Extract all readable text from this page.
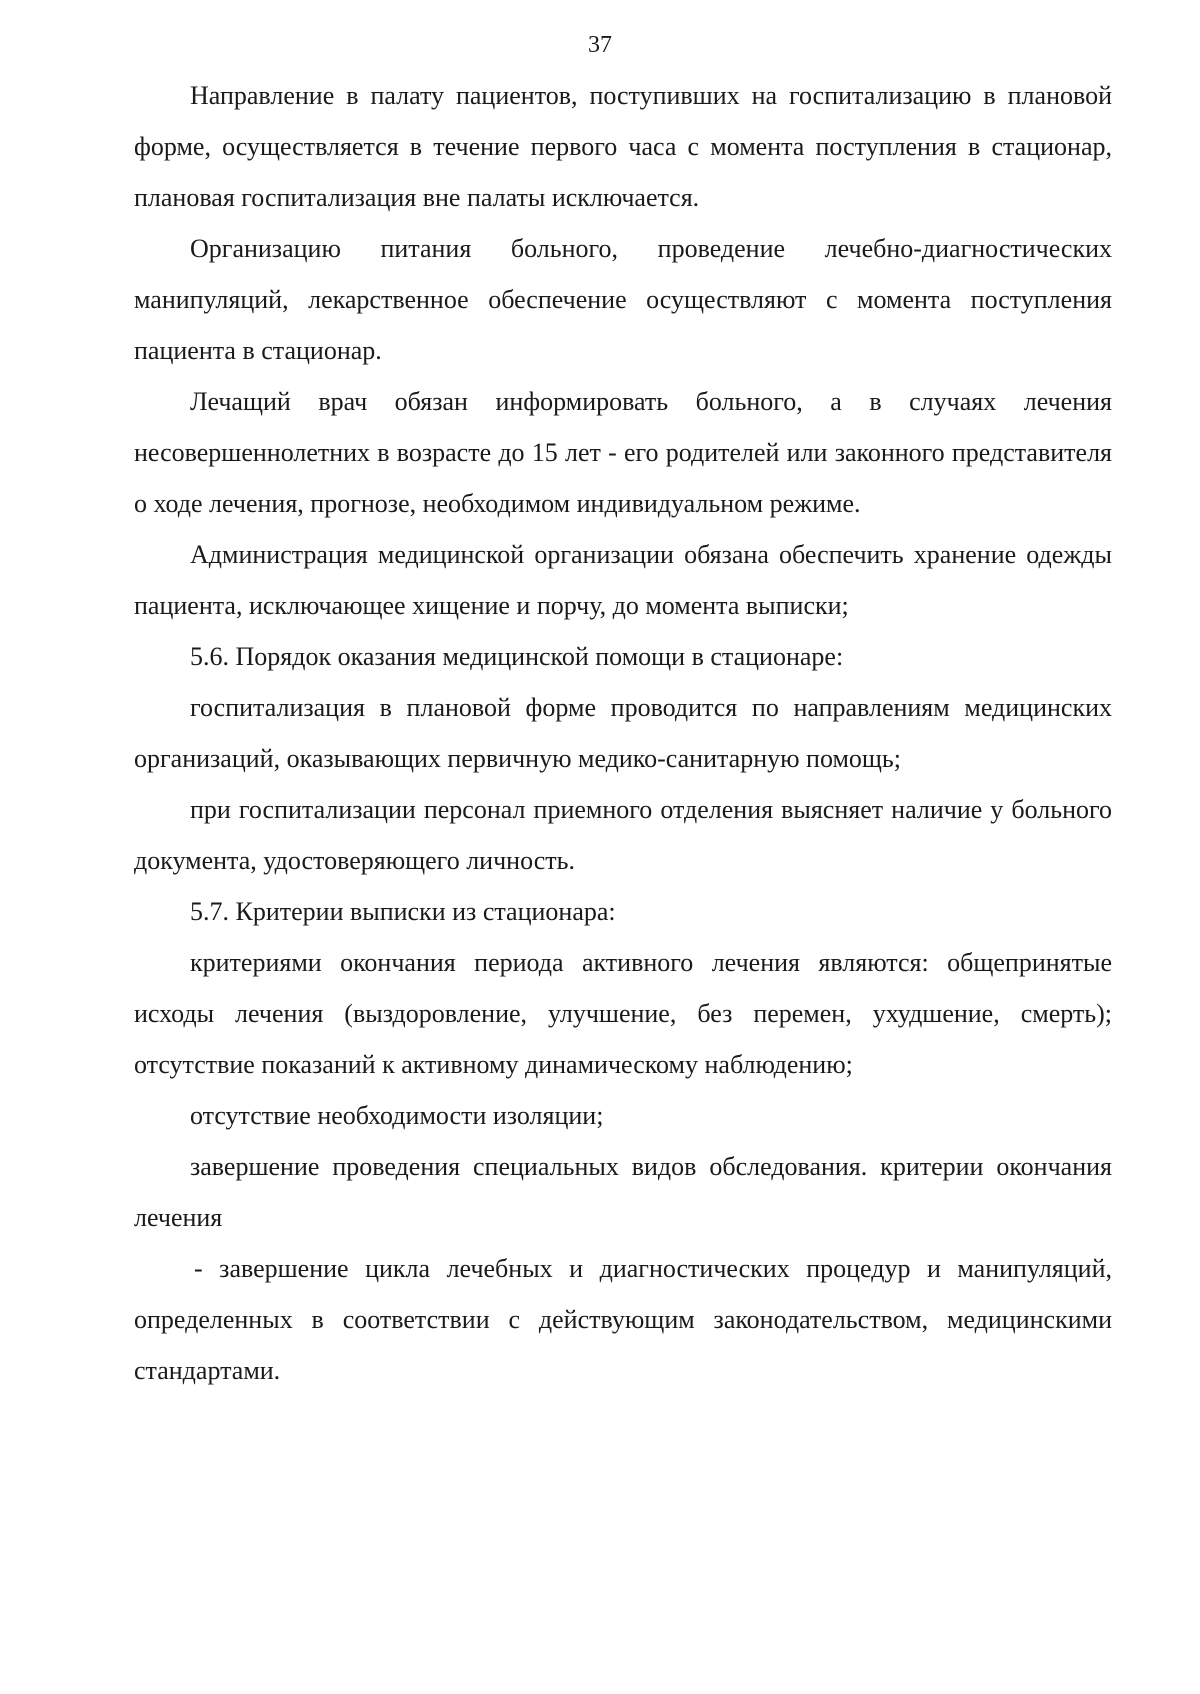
37

Направление в палату пациентов, поступивших на госпитализацию в плановой форме, осуществляется в течение первого часа с момента поступления в стационар, плановая госпитализация вне палаты исключается.

Организацию питания больного, проведение лечебно-диагностических манипуляций, лекарственное обеспечение осуществляют с момента поступления пациента в стационар.

Лечащий врач обязан информировать больного, а в случаях лечения несовершеннолетних в возрасте до 15 лет - его родителей или законного представителя о ходе лечения, прогнозе, необходимом индивидуальном режиме.

Администрация медицинской организации обязана обеспечить хранение одежды пациента, исключающее хищение и порчу, до момента выписки;

5.6. Порядок оказания медицинской помощи в стационаре:

госпитализация в плановой форме проводится по направлениям медицинских организаций, оказывающих первичную медико-санитарную помощь;

при госпитализации персонал приемного отделения выясняет наличие у больного документа, удостоверяющего личность.

5.7. Критерии выписки из стационара:

критериями окончания периода активного лечения являются: общепринятые исходы лечения (выздоровление, улучшение, без перемен, ухудшение, смерть); отсутствие показаний к активному динамическому наблюдению;

отсутствие необходимости изоляции;

завершение проведения специальных видов обследования. критерии окончания лечения

- завершение цикла лечебных и диагностических процедур и манипуляций, определенных в соответствии с действующим законодательством, медицинскими стандартами.
